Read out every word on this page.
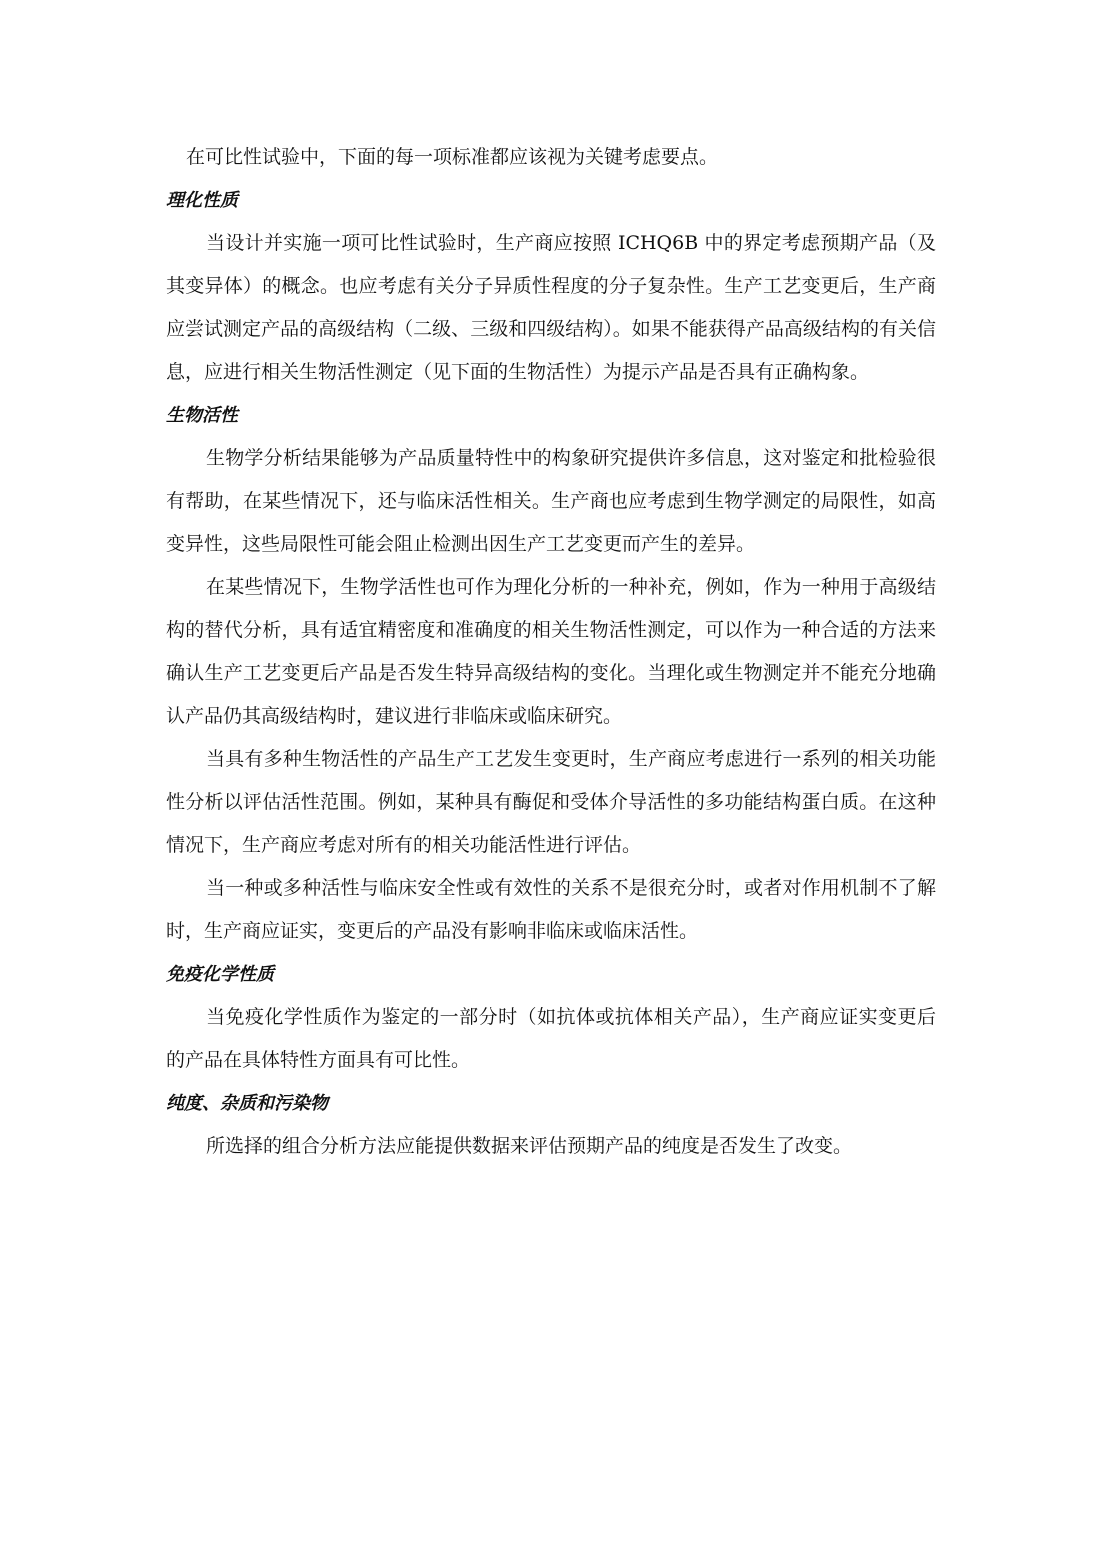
在可比性试验中，下面的每一项标准都应该视为关键考虑要点。

理化性质

当设计并实施一项可比性试验时，生产商应按照 ICHQ6B 中的界定考虑预期产品（及其变异体）的概念。也应考虑有关分子异质性程度的分子复杂性。生产工艺变更后，生产商应尝试测定产品的高级结构（二级、三级和四级结构）。如果不能获得产品高级结构的有关信息，应进行相关生物活性测定（见下面的生物活性）为提示产品是否具有正确构象。

生物活性

生物学分析结果能够为产品质量特性中的构象研究提供许多信息，这对鉴定和批检验很有帮助，在某些情况下，还与临床活性相关。生产商也应考虑到生物学测定的局限性，如高变异性，这些局限性可能会阻止检测出因生产工艺变更而产生的差异。

在某些情况下，生物学活性也可作为理化分析的一种补充，例如，作为一种用于高级结构的替代分析，具有适宜精密度和准确度的相关生物活性测定，可以作为一种合适的方法来确认生产工艺变更后产品是否发生特异高级结构的变化。当理化或生物测定并不能充分地确认产品仍其高级结构时，建议进行非临床或临床研究。

当具有多种生物活性的产品生产工艺发生变更时，生产商应考虑进行一系列的相关功能性分析以评估活性范围。例如，某种具有酶促和受体介导活性的多功能结构蛋白质。在这种情况下，生产商应考虑对所有的相关功能活性进行评估。

当一种或多种活性与临床安全性或有效性的关系不是很充分时，或者对作用机制不了解时，生产商应证实，变更后的产品没有影响非临床或临床活性。

免疫化学性质

当免疫化学性质作为鉴定的一部分时（如抗体或抗体相关产品），生产商应证实变更后的产品在具体特性方面具有可比性。

纯度、杂质和污染物

所选择的组合分析方法应能提供数据来评估预期产品的纯度是否发生了改变。
